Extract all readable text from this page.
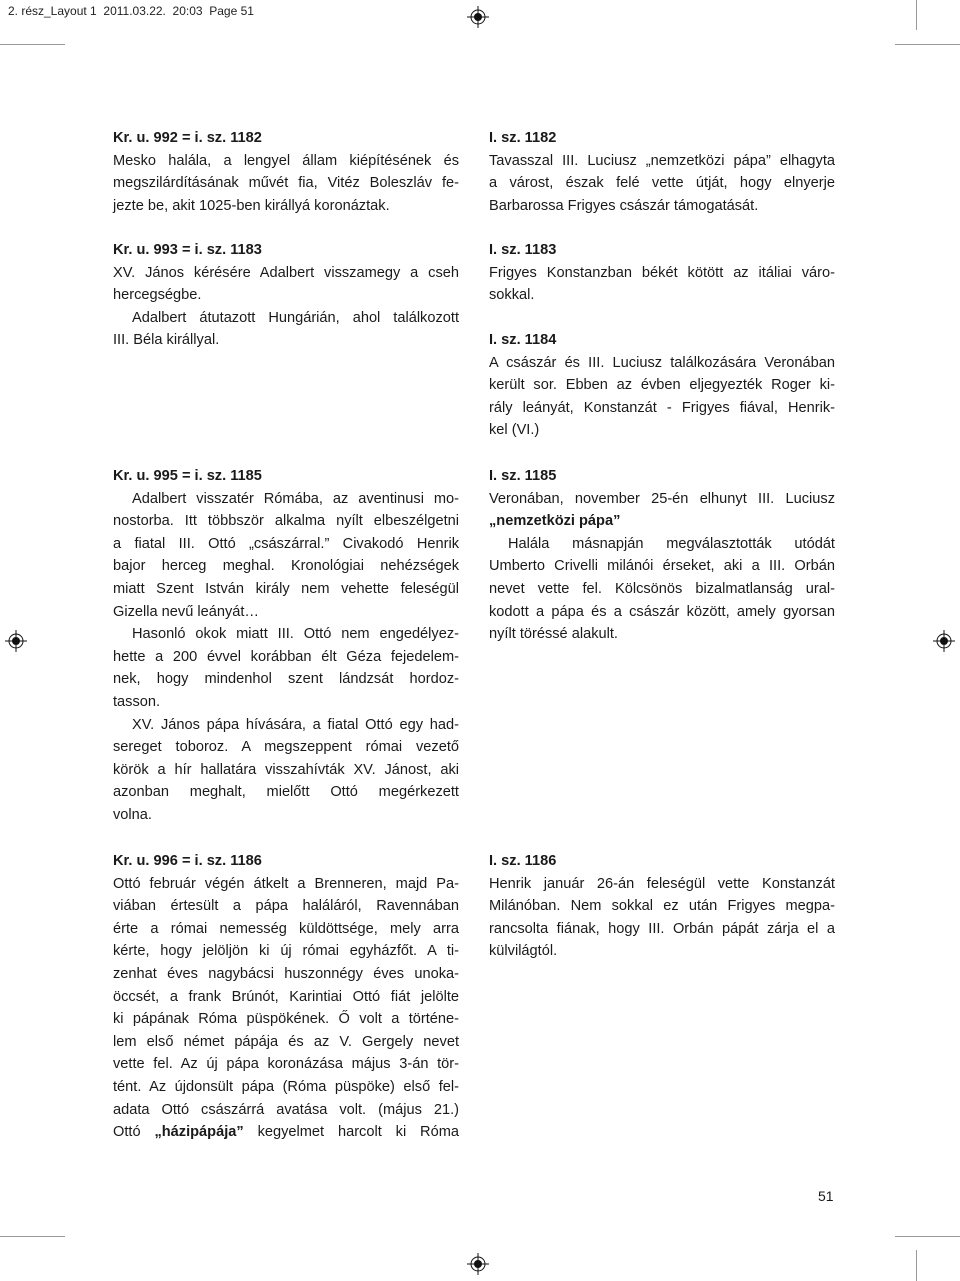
2. rész_Layout 1  2011.03.22.  20:03  Page 51

Kr. u. 992 = i. sz. 1182

Mesko halála, a lengyel állam kiépítésének és

megszilárdításának művét fia, Vitéz Boleszláv fe-

jezte be, akit 1025-ben királlyá koronáztak.

Kr. u. 993 = i. sz. 1183

XV. János kérésére Adalbert visszamegy a cseh

hercegségbe.

Adalbert átutazott Hungárián, ahol találkozott

III. Béla királlyal.

Kr. u. 995 = i. sz. 1185

Adalbert visszatér Rómába, az aventinusi mo-

nostorba. Itt többször alkalma nyílt elbeszélgetni

a fiatal III. Ottó „császárral.” Civakodó Henrik

bajor herceg meghal. Kronológiai nehézségek

miatt Szent István király nem vehette feleségül

Gizella nevű leányát…

Hasonló okok miatt III. Ottó nem engedélyez-

hette a 200 évvel korábban élt Géza fejedelem-

nek, hogy mindenhol szent lándzsát hordoz-

tasson.

XV. János pápa hívására, a fiatal Ottó egy had-

sereget toboroz. A megszeppent római vezető

körök a hír hallatára visszahívták XV. Jánost, aki

azonban meghalt, mielőtt Ottó megérkezett

volna.

Kr. u. 996 = i. sz. 1186

Ottó február végén átkelt a Brenneren, majd Pa-

viában értesült a pápa haláláról, Ravennában

érte a római nemesség küldöttsége, mely arra

kérte, hogy jelöljön ki új római egyházfőt. A ti-

zenhat éves nagybácsi huszonnégy éves unoka-

öccsét, a frank Brúnót, Karintiai Ottó fiát jelölte

ki pápának Róma püspökének. Ő volt a történe-

lem első német pápája és az V. Gergely nevet

vette fel. Az új pápa koronázása május 3-án tör-

tént. Az újdonsült pápa (Róma püspöke) első fel-

adata Ottó császárrá avatása volt. (május 21.)

Ottó „házipápája” kegyelmet harcolt ki Róma

I. sz. 1182

Tavasszal III. Luciusz „nemzetközi pápa” elhagyta

a várost, észak felé vette útját, hogy elnyerje

Barbarossa Frigyes császár támogatását.

I. sz. 1183

Frigyes Konstanzban békét kötött az itáliai váro-

sokkal.

I. sz. 1184

A császár és III. Luciusz találkozására Veronában

került sor. Ebben az évben eljegyezték Roger ki-

rály leányát, Konstanzát - Frigyes fiával, Henrik-

kel (VI.)

I. sz. 1185

Veronában, november 25-én elhunyt III. Luciusz

„nemzetközi pápa”

Halála másnapján megválasztották utódát

Umberto Crivelli milánói érseket, aki a III. Orbán

nevet vette fel. Kölcsönös bizalmatlanság ural-

kodott a pápa és a császár között, amely gyorsan

nyílt töréssé alakult.

I. sz. 1186

Henrik január 26-án feleségül vette Konstanzát

Milánóban. Nem sokkal ez után Frigyes megpa-

rancsolta fiának, hogy III. Orbán pápát zárja el a

külvilágtól.

51
